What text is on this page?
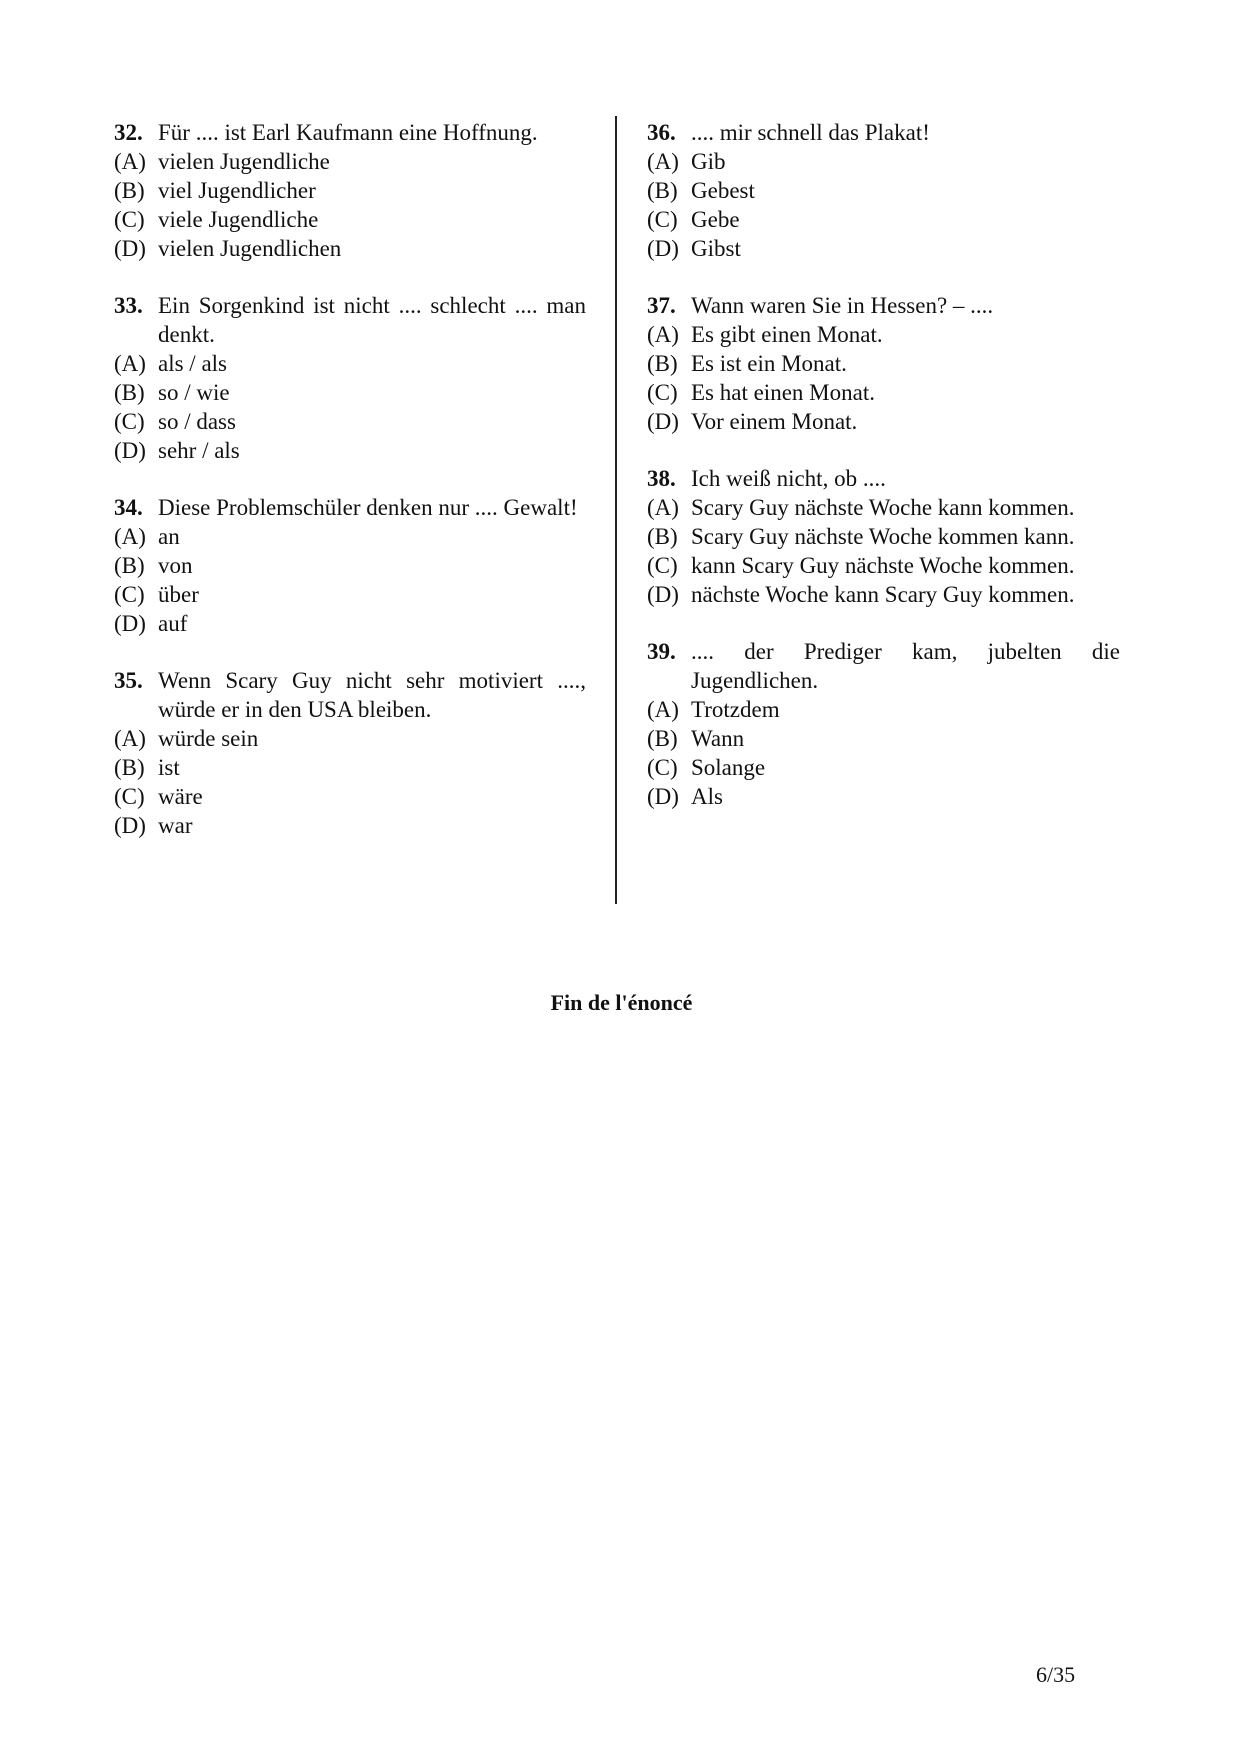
32. Für .... ist Earl Kaufmann eine Hoffnung.
(A) vielen Jugendliche
(B) viel Jugendlicher
(C) viele Jugendliche
(D) vielen Jugendlichen
33. Ein Sorgenkind ist nicht .... schlecht .... man denkt.
(A) als / als
(B) so / wie
(C) so / dass
(D) sehr / als
34. Diese Problemschüler denken nur .... Gewalt!
(A) an
(B) von
(C) über
(D) auf
35. Wenn Scary Guy nicht sehr motiviert ...., würde er in den USA bleiben.
(A) würde sein
(B) ist
(C) wäre
(D) war
36. .... mir schnell das Plakat!
(A) Gib
(B) Gebest
(C) Gebe
(D) Gibst
37. Wann waren Sie in Hessen? – ....
(A) Es gibt einen Monat.
(B) Es ist ein Monat.
(C) Es hat einen Monat.
(D) Vor einem Monat.
38. Ich weiß nicht, ob ....
(A) Scary Guy nächste Woche kann kommen.
(B) Scary Guy nächste Woche kommen kann.
(C) kann Scary Guy nächste Woche kommen.
(D) nächste Woche kann Scary Guy kommen.
39. .... der Prediger kam, jubelten die Jugendlichen.
(A) Trotzdem
(B) Wann
(C) Solange
(D) Als
Fin de l'énoncé
6/35
